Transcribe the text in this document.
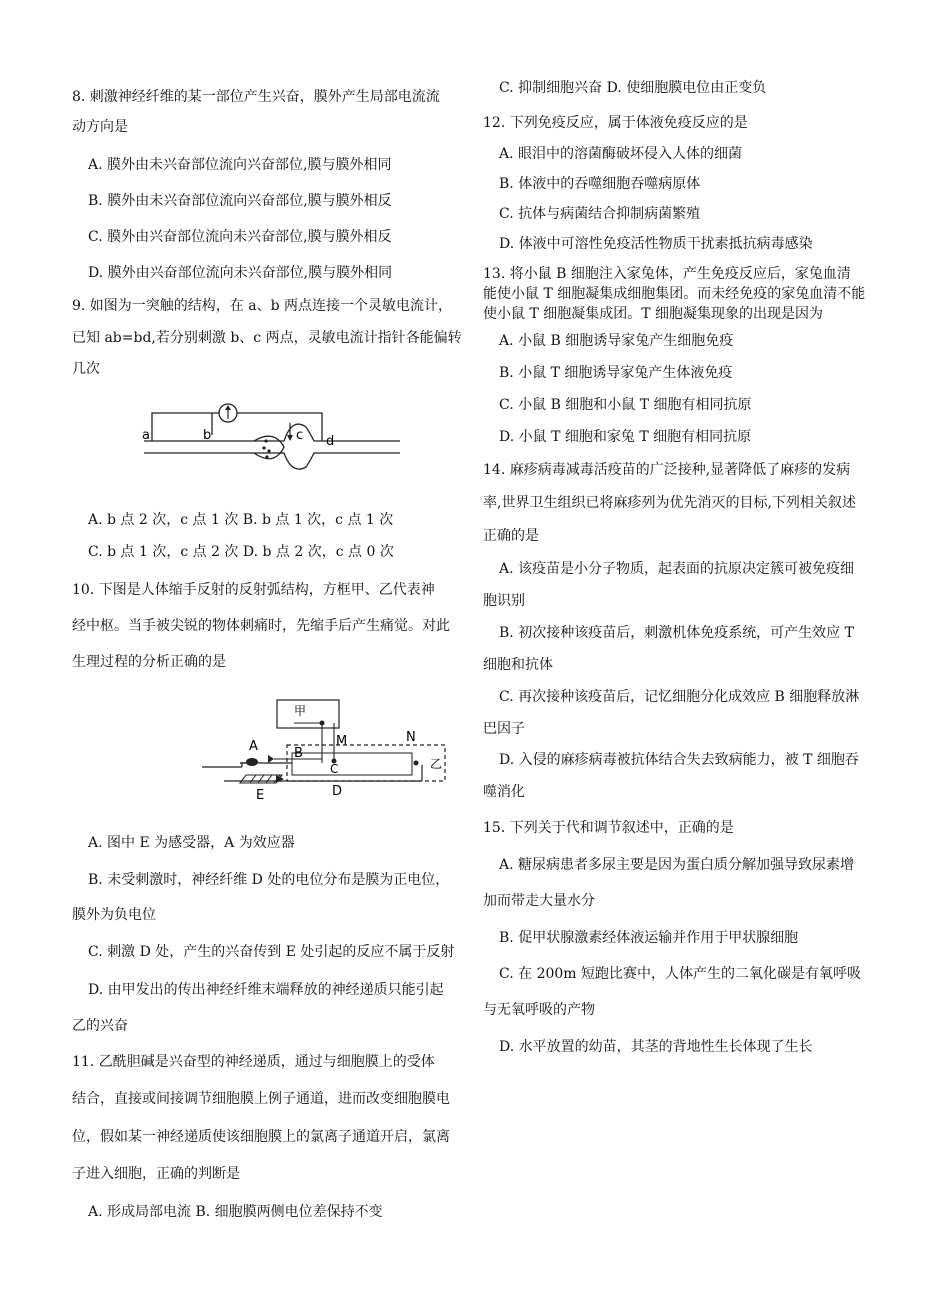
8. 刺激神经纤维的某一部位产生兴奋，膜外产生局部电流流
动方向是
A. 膜外由未兴奋部位流向兴奋部位,膜与膜外相同
B. 膜外由未兴奋部位流向兴奋部位,膜与膜外相反
C. 膜外由兴奋部位流向未兴奋部位,膜与膜外相反
D. 膜外由兴奋部位流向未兴奋部位,膜与膜外相同
9. 如图为一突触的结构，在 a、b 两点连接一个灵敏电流计，
已知 ab=bd,若分别刺激 b、c 两点，灵敏电流计指针各能偏转
几次
a	b	c d
A. b 点 2 次，c 点 1 次 B. b 点 1 次，c 点 1 次
C. b 点 1 次，c 点 2 次 D. b 点 2 次，c 点 0 次
10. 下图是人体缩手反射的反射弧结构，方框甲、乙代表神
经中枢。当手被尖锐的物体刺痛时，先缩手后产生痛觉。对此
生理过程的分析正确的是
甲
乙
C
A	B
M	N
E	D
A. 图中 E 为感受器，A 为效应器
B. 未受刺激时，神经纤维 D 处的电位分布是膜为正电位，
膜外为负电位
C. 刺激 D 处，产生的兴奋传到 E 处引起的反应不属于反射
D. 由甲发出的传出神经纤维末端释放的神经递质只能引起
乙的兴奋
11. 乙酰胆碱是兴奋型的神经递质，通过与细胞膜上的受体
结合，直接或间接调节细胞膜上例子通道，进而改变细胞膜电
位，假如某一神经递质使该细胞膜上的氯离子通道开启，氯离
子进入细胞，正确的判断是
A. 形成局部电流 B. 细胞膜两侧电位差保持不变
C. 抑制细胞兴奋 D. 使细胞膜电位由正变负
12. 下列免疫反应，属于体液免疫反应的是
A. 眼泪中的溶菌酶破坏侵入人体的细菌
B. 体液中的吞噬细胞吞噬病原体
C. 抗体与病菌结合抑制病菌繁殖
D. 体液中可溶性免疫活性物质干扰素抵抗病毒感染
13. 将小鼠 B 细胞注入家兔体，产生免疫反应后，家兔血清
能使小鼠 T 细胞凝集成细胞集团。而未经免疫的家兔血清不能
使小鼠 T 细胞凝集成团。T 细胞凝集现象的出现是因为
A. 小鼠 B 细胞诱导家兔产生细胞免疫
B. 小鼠 T 细胞诱导家兔产生体液免疫
C. 小鼠 B 细胞和小鼠 T 细胞有相同抗原
D. 小鼠 T 细胞和家兔 T 细胞有相同抗原
14. 麻疹病毒减毒活疫苗的广泛接种,显著降低了麻疹的发病
率,世界卫生组织已将麻疹列为优先消灭的目标,下列相关叙述
正确的是
A. 该疫苗是小分子物质，起表面的抗原决定簇可被免疫细
胞识别
B. 初次接种该疫苗后，刺激机体免疫系统，可产生效应 T
细胞和抗体
C. 再次接种该疫苗后，记忆细胞分化成效应 B 细胞释放淋
巴因子
D. 入侵的麻疹病毒被抗体结合失去致病能力，被 T 细胞吞
噬消化
15. 下列关于代和调节叙述中，正确的是
A. 糖尿病患者多尿主要是因为蛋白质分解加强导致尿素增
加而带走大量水分
B. 促甲状腺激素经体液运输并作用于甲状腺细胞
C. 在 200m 短跑比赛中，人体产生的二氧化碳是有氧呼吸
与无氧呼吸的产物
D. 水平放置的幼苗，其茎的背地性生长体现了生长
